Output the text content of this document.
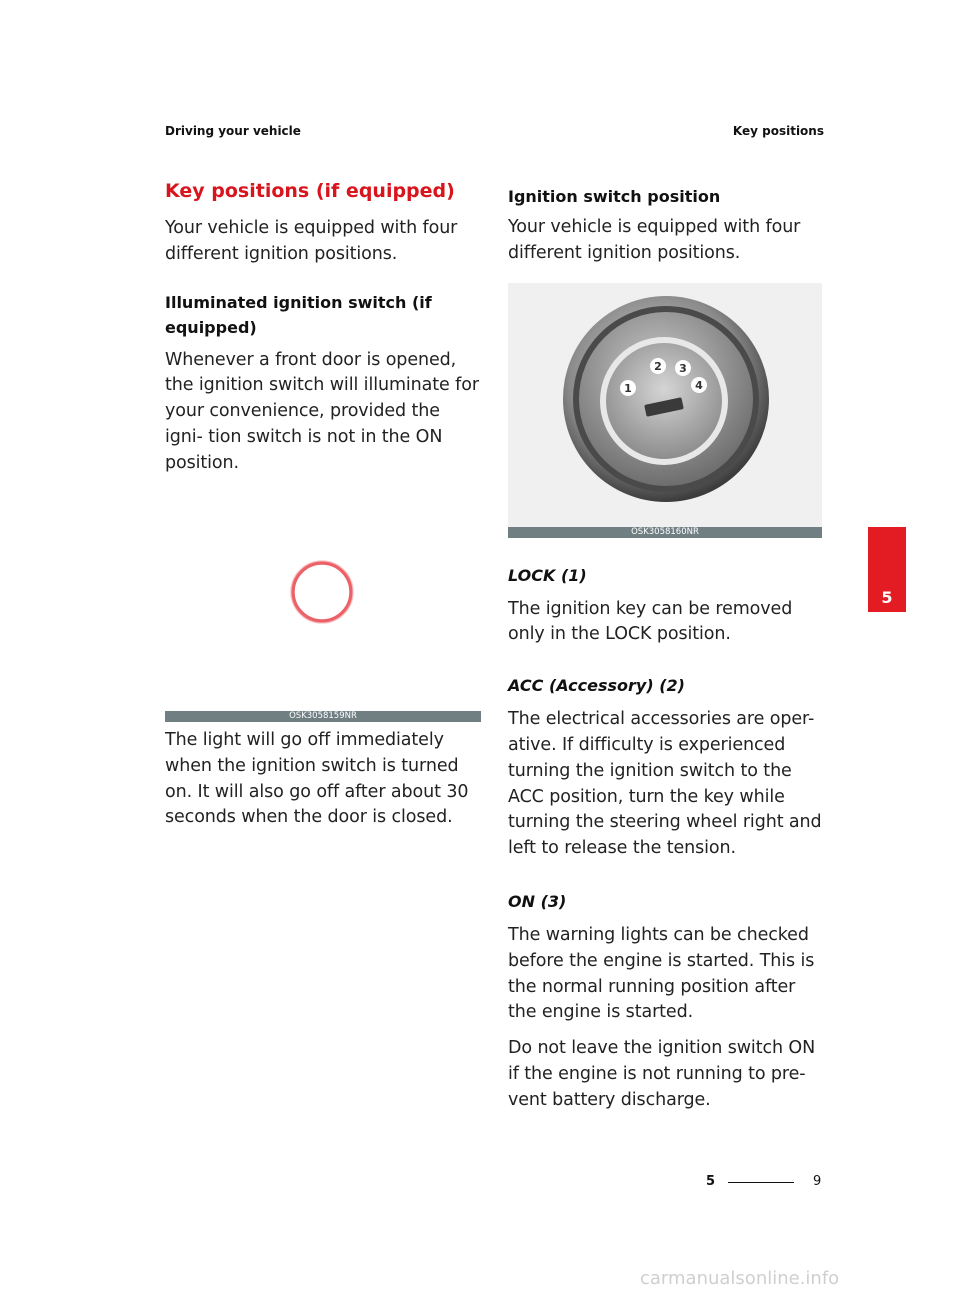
Driving your vehicle	Key positions
Key positions (if equipped)

Your vehicle is equipped with four different ignition positions.

Illuminated ignition switch (if equipped)

Whenever a front door is opened, the ignition switch will illuminate for your convenience, provided the igni- tion switch is not in the ON position.

OSK3058159NR

The light will go off immediately when the ignition switch is turned on. It will also go off after about 30 seconds when the door is closed.

Ignition switch position

Your vehicle is equipped with four different ignition positions.

1
2 3
4
OSK3058160NR
LOCK (1)

The ignition key can be removed only in the LOCK position.

ACC (Accessory) (2)

The electrical accessories are oper- ative. If difficulty is experienced turning the ignition switch to the ACC position, turn the key while turning the steering wheel right and left to release the tension.

ON (3)

The warning lights can be checked before the engine is started. This is the normal running position after the engine is started.

Do not leave the ignition switch ON if the engine is not running to pre- vent battery discharge.

5
5	9
carmanualsonline.info
